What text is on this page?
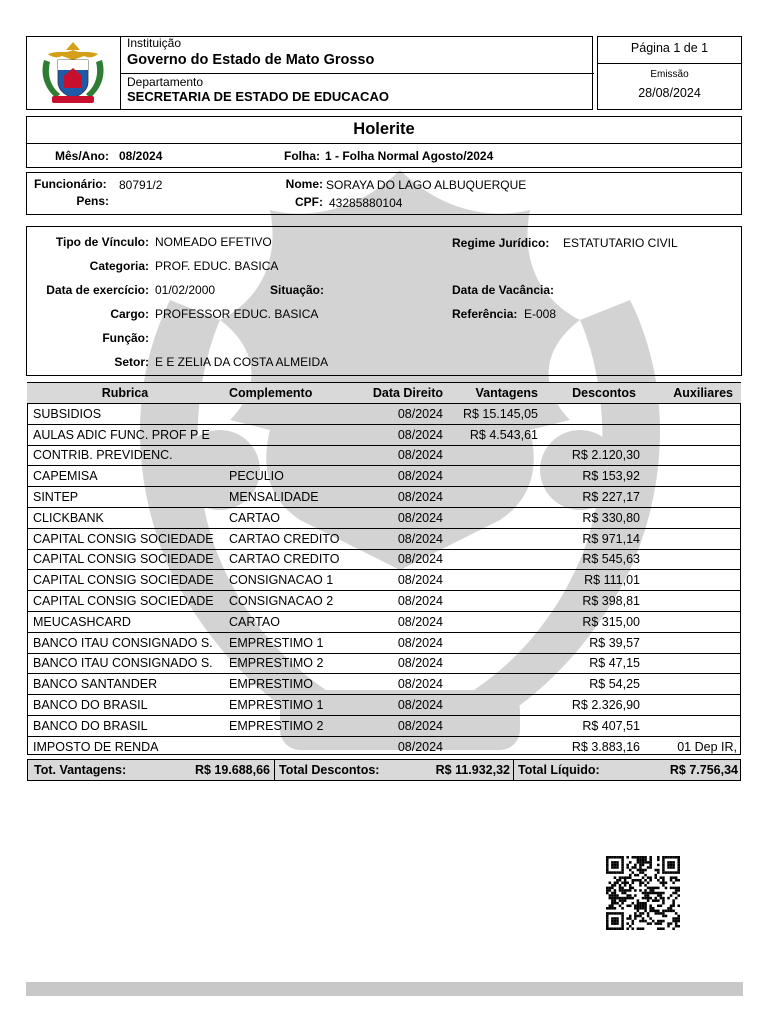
Instituição
Governo do Estado de Mato Grosso
Departamento
SECRETARIA DE ESTADO DE EDUCACAO
Página 1 de 1
Emissão
28/08/2024
Holerite
Mês/Ano: 08/2024	Folha: 1 - Folha Normal Agosto/2024
Funcionário: 80791/2
Pens:
Nome: SORAYA DO LAGO ALBUQUERQUE
CPF: 43285880104
Tipo de Vínculo: NOMEADO EFETIVO	Regime Jurídico: ESTATUTARIO CIVIL
Categoria: PROF. EDUC. BASICA
Data de exercício: 01/02/2000	Situação:	Data de Vacância:
Cargo: PROFESSOR EDUC. BASICA	Referência: E-008
Função:
Setor: E E ZELIA DA COSTA ALMEIDA
Rubrica	Complemento	Data Direito	Vantagens	Descontos	Auxiliares
SUBSIDIOS		08/2024	R$ 15.145,05		
AULAS ADIC FUNC. PROF P E		08/2024	R$ 4.543,61		
CONTRIB. PREVIDENC.		08/2024		R$ 2.120,30	
CAPEMISA	PECULIO	08/2024		R$ 153,92	
SINTEP	MENSALIDADE	08/2024		R$ 227,17	
CLICKBANK	CARTAO	08/2024		R$ 330,80	
CAPITAL CONSIG SOCIEDADE	CARTAO CREDITO	08/2024		R$ 971,14	
CAPITAL CONSIG SOCIEDADE	CARTAO CREDITO	08/2024		R$ 545,63	
CAPITAL CONSIG SOCIEDADE	CONSIGNACAO 1	08/2024		R$ 111,01	
CAPITAL CONSIG SOCIEDADE	CONSIGNACAO 2	08/2024		R$ 398,81	
MEUCASHCARD	CARTAO	08/2024		R$ 315,00	
BANCO ITAU CONSIGNADO S.	EMPRESTIMO 1	08/2024		R$ 39,57	
BANCO ITAU CONSIGNADO S.	EMPRESTIMO 2	08/2024		R$ 47,15	
BANCO SANTANDER	EMPRESTIMO	08/2024		R$ 54,25	
BANCO DO BRASIL	EMPRESTIMO 1	08/2024		R$ 2.326,90	
BANCO DO BRASIL	EMPRESTIMO 2	08/2024		R$ 407,51	
IMPOSTO DE RENDA		08/2024		R$ 3.883,16	01 Dep IR,
Tot. Vantagens:	R$ 19.688,66 Total Descontos:	R$ 11.932,32 Total Líquido:	R$ 7.756,34
